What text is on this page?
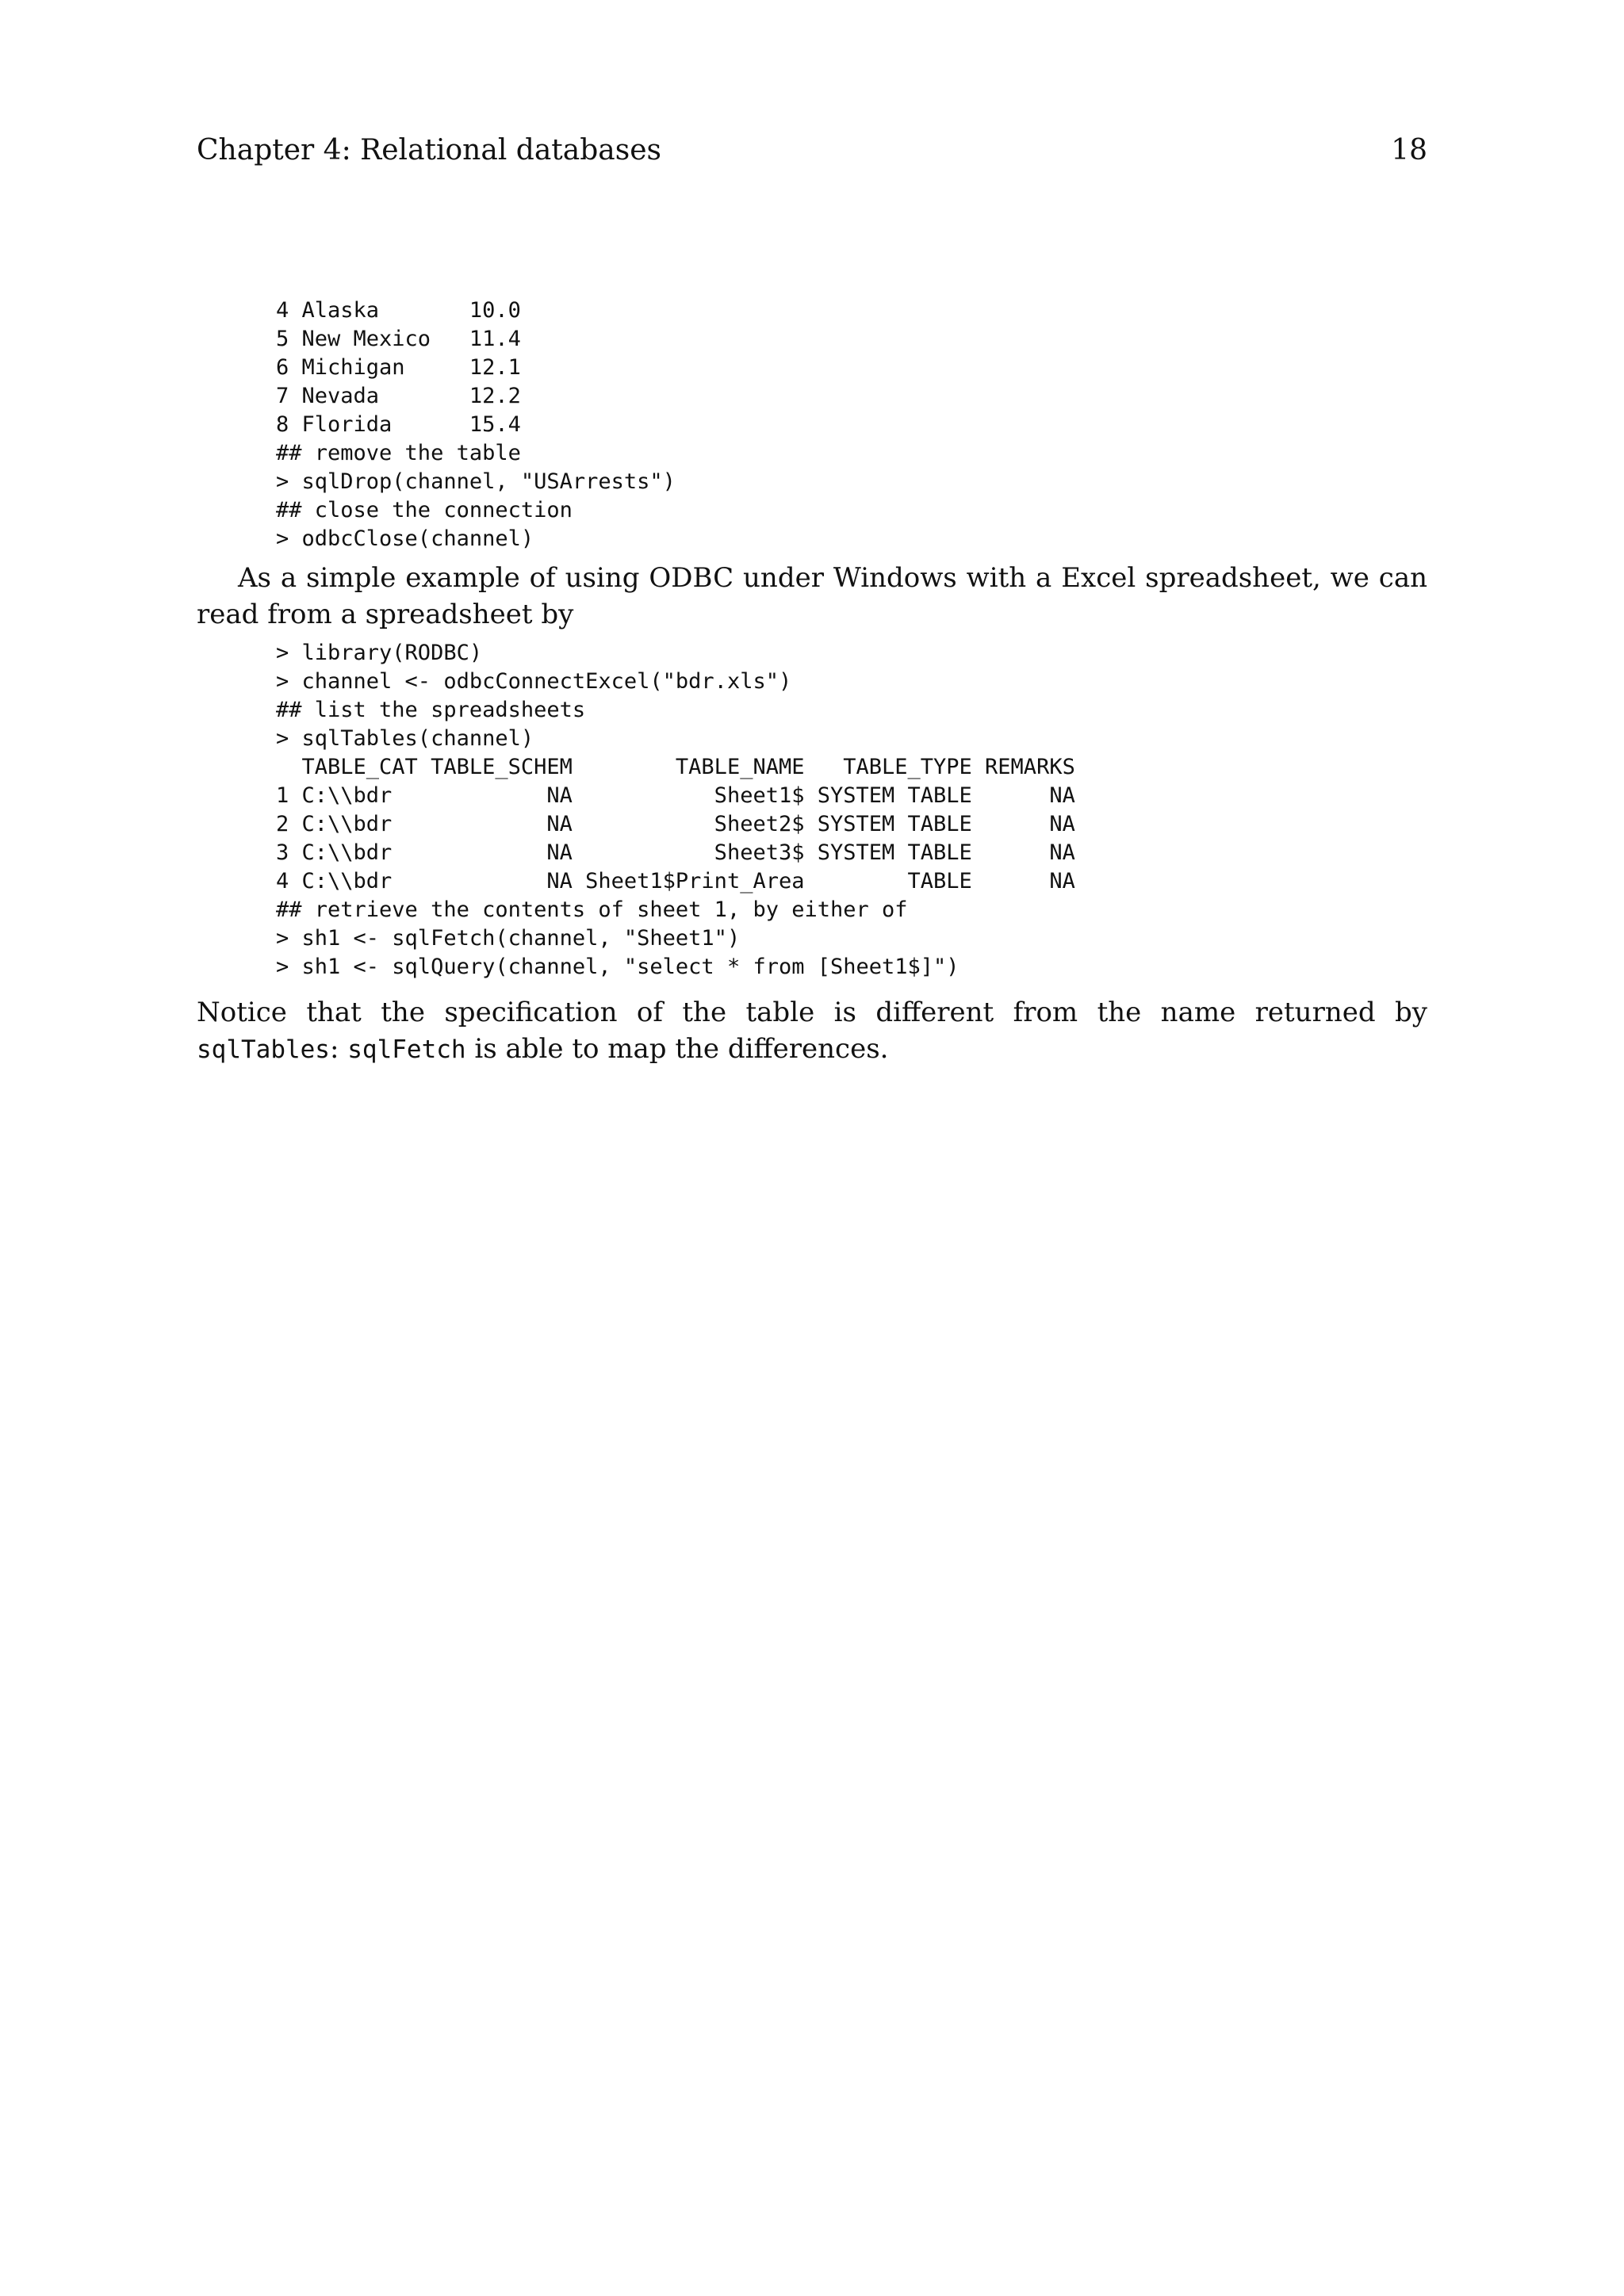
Chapter 4: Relational databases	18
4 Alaska       10.0
5 New Mexico   11.4
6 Michigan     12.1
7 Nevada       12.2
8 Florida      15.4
## remove the table
> sqlDrop(channel, "USArrests")
## close the connection
> odbcClose(channel)

As a simple example of using ODBC under Windows with a Excel spreadsheet, we can read from a spreadsheet by

> library(RODBC)
> channel <- odbcConnectExcel("bdr.xls")
## list the spreadsheets
> sqlTables(channel)
TABLE_CAT TABLE_SCHEM        TABLE_NAME   TABLE_TYPE REMARKS
1 C:\\bdr            NA           Sheet1$ SYSTEM TABLE      NA
2 C:\\bdr            NA           Sheet2$ SYSTEM TABLE      NA
3 C:\\bdr            NA           Sheet3$ SYSTEM TABLE      NA
4 C:\\bdr            NA Sheet1$Print_Area        TABLE      NA
## retrieve the contents of sheet 1, by either of
> sh1 <- sqlFetch(channel, "Sheet1")
> sh1 <- sqlQuery(channel, "select * from [Sheet1$]")

Notice that the specification of the table is different from the name returned by sqlTables: sqlFetch is able to map the differences.
